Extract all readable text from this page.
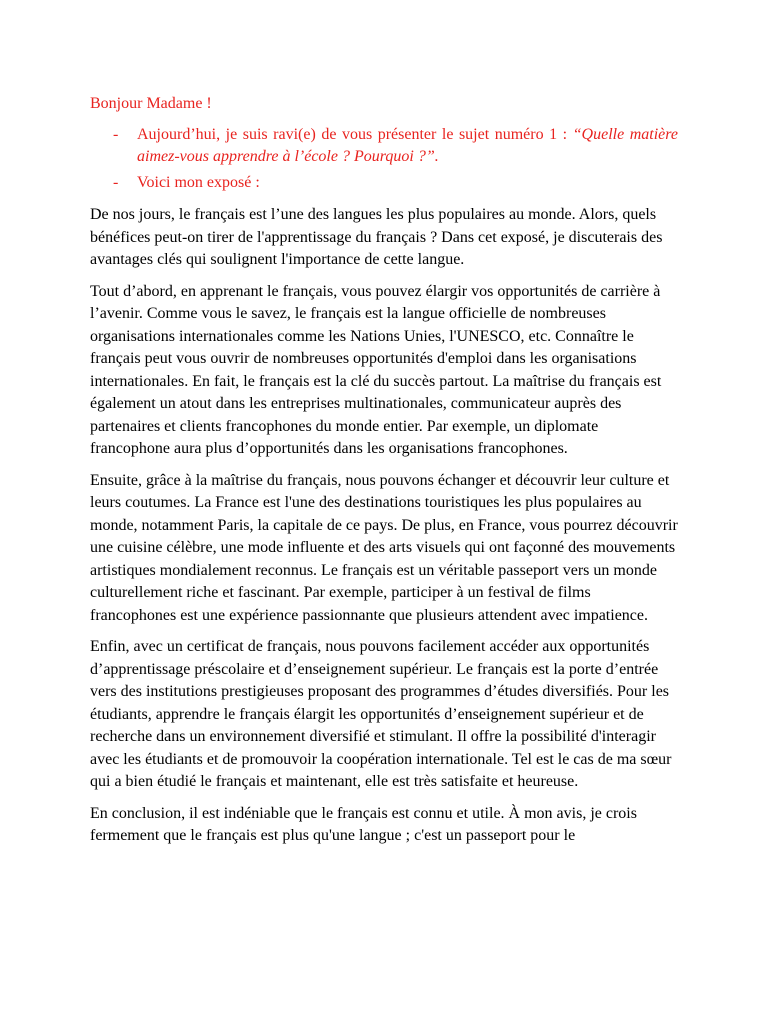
Bonjour Madame !
- Aujourd’hui, je suis ravi(e) de vous présenter le sujet numéro 1 : “Quelle matière aimez-vous apprendre à l’école ? Pourquoi ?”.
- Voici mon exposé :

De nos jours, le français est l’une des langues les plus populaires au monde. Alors, quels bénéfices peut-on tirer de l'apprentissage du français ? Dans cet exposé, je discuterais des avantages clés qui soulignent l'importance de cette langue.

Tout d’abord, en apprenant le français, vous pouvez élargir vos opportunités de carrière à l’avenir. Comme vous le savez, le français est la langue officielle de nombreuses organisations internationales comme les Nations Unies, l'UNESCO, etc. Connaître le français peut vous ouvrir de nombreuses opportunités d'emploi dans les organisations internationales. En fait, le français est la clé du succès partout. La maîtrise du français est également un atout dans les entreprises multinationales, communicateur auprès des partenaires et clients francophones du monde entier. Par exemple, un diplomate francophone aura plus d’opportunités dans les organisations francophones.

Ensuite, grâce à la maîtrise du français, nous pouvons échanger et découvrir leur culture et leurs coutumes. La France est l'une des destinations touristiques les plus populaires au monde, notamment Paris, la capitale de ce pays. De plus, en France, vous pourrez découvrir une cuisine célèbre, une mode influente et des arts visuels qui ont façonné des mouvements artistiques mondialement reconnus. Le français est un véritable passeport vers un monde culturellement riche et fascinant. Par exemple, participer à un festival de films francophones est une expérience passionnante que plusieurs attendent avec impatience.

Enfin, avec un certificat de français, nous pouvons facilement accéder aux opportunités d’apprentissage préscolaire et d’enseignement supérieur. Le français est la porte d’entrée vers des institutions prestigieuses proposant des programmes d’études diversifiés. Pour les étudiants, apprendre le français élargit les opportunités d’enseignement supérieur et de recherche dans un environnement diversifié et stimulant. Il offre la possibilité d'interagir avec les étudiants et de promouvoir la coopération internationale. Tel est le cas de ma sœur qui a bien étudié le français et maintenant, elle est très satisfaite et heureuse.

En conclusion, il est indéniable que le français est connu et utile. À mon avis, je crois fermement que le français est plus qu'une langue ; c'est un passeport pour le
